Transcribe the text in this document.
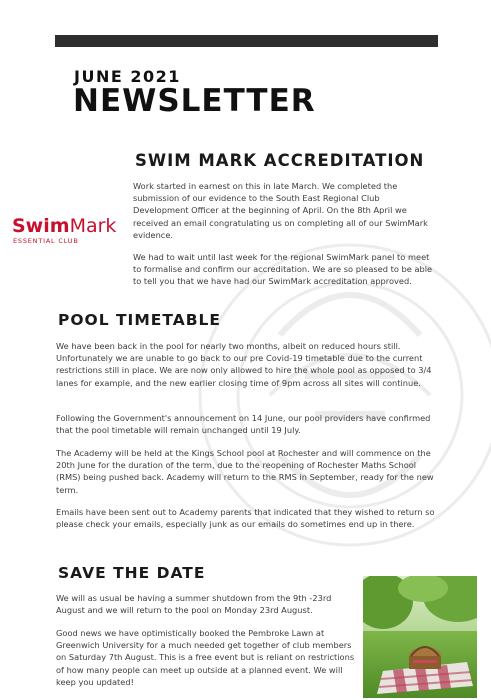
JUNE 2021
NEWSLETTER
SWIM MARK ACCREDITATION
SwimMark
ESSENTIAL CLUB

Work started in earnest on this in late March. We completed the submission of our evidence to the South East Regional Club Development Officer at the beginning of April. On the 8th April we received an email congratulating us on completing all of our SwimMark evidence.

We had to wait until last week for the regional SwimMark panel to meet to formalise and confirm our accreditation. We are so pleased to be able to tell you that we have had our SwimMark accreditation approved.

POOL TIMETABLE

We have been back in the pool for nearly two months, albeit on reduced hours still. Unfortunately we are unable to go back to our pre Covid-19 timetable due to the current restrictions still in place. We are now only allowed to hire the whole pool as opposed to 3/4 lanes for example, and the new earlier closing time of 9pm across all sites will continue.

Following the Government's announcement on 14 June, our pool providers have confirmed that the pool timetable will remain unchanged until 19 July.

The Academy will be held at the Kings School pool at Rochester and will commence on the 20th June for the duration of the term, due to the reopening of Rochester Maths School (RMS) being pushed back. Academy will return to the RMS in September, ready for the new term.

Emails have been sent out to Academy parents that indicated that they wished to return so please check your emails, especially junk as our emails do sometimes end up in there.

SAVE THE DATE

We will as usual be having a summer shutdown from the 9th -23rd August and we will return to the pool on Monday 23rd August.

Good news we have optimistically booked the Pembroke Lawn at Greenwich University for a much needed get together of club members on Saturday 7th August. This is a free event but is reliant on restrictions of how many people can meet up outside at a planned event. We will keep you updated!
